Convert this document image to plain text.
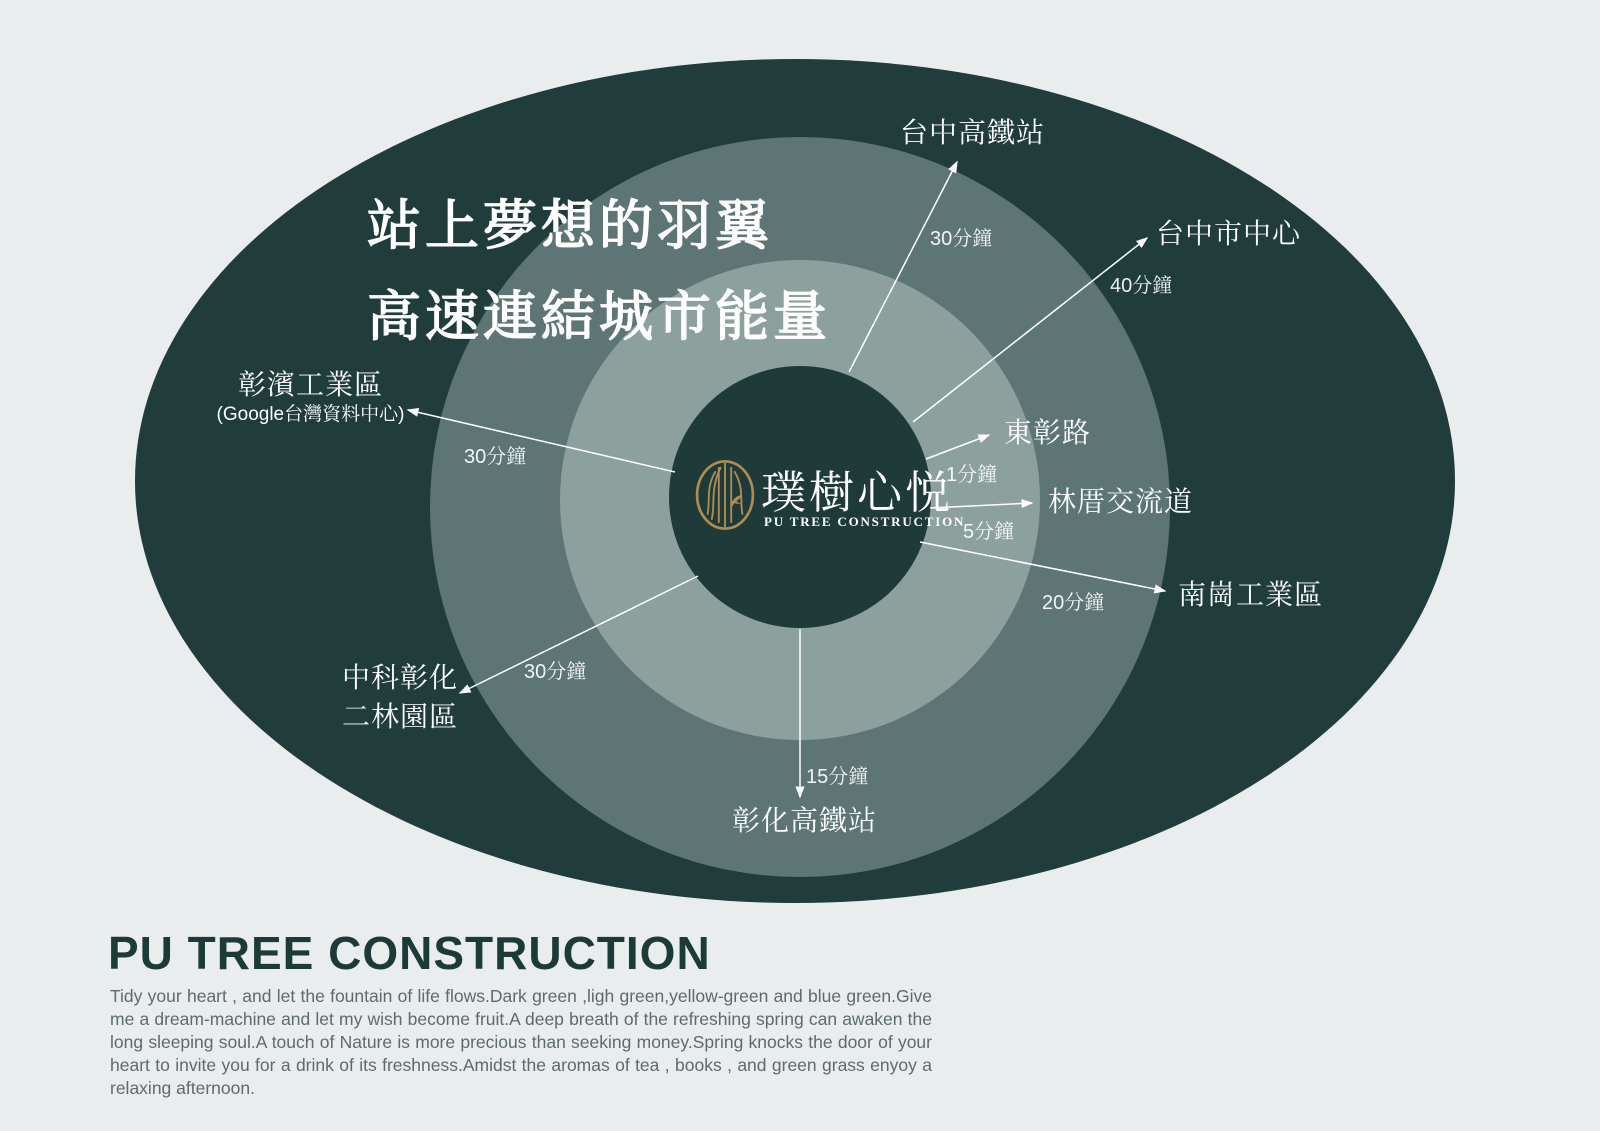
站上夢想的羽翼
高速連結城市能量
璞樹心悦
PU TREE CONSTRUCTION
台中高鐵站
30分鐘	台中市中心
40分鐘
東彰路
1分鐘
林厝交流道
5分鐘
南崗工業區
20分鐘
彰濱工業區
(Google台灣資料中心)
30分鐘
中科彰化
二林園區
30分鐘
彰化高鐵站
15分鐘
PU TREE CONSTRUCTION
Tidy your heart , and let the fountain of life flows.Dark green ,ligh green,yellow-green and blue green.Give me a dream-machine and let my wish become fruit.A deep breath of the refreshing spring can awaken the long sleeping soul.A touch of Nature is more precious than seeking money.Spring knocks the door of your heart to invite you for a drink of its freshness.Amidst the aromas of tea , books , and green grass enyoy a relaxing afternoon.
